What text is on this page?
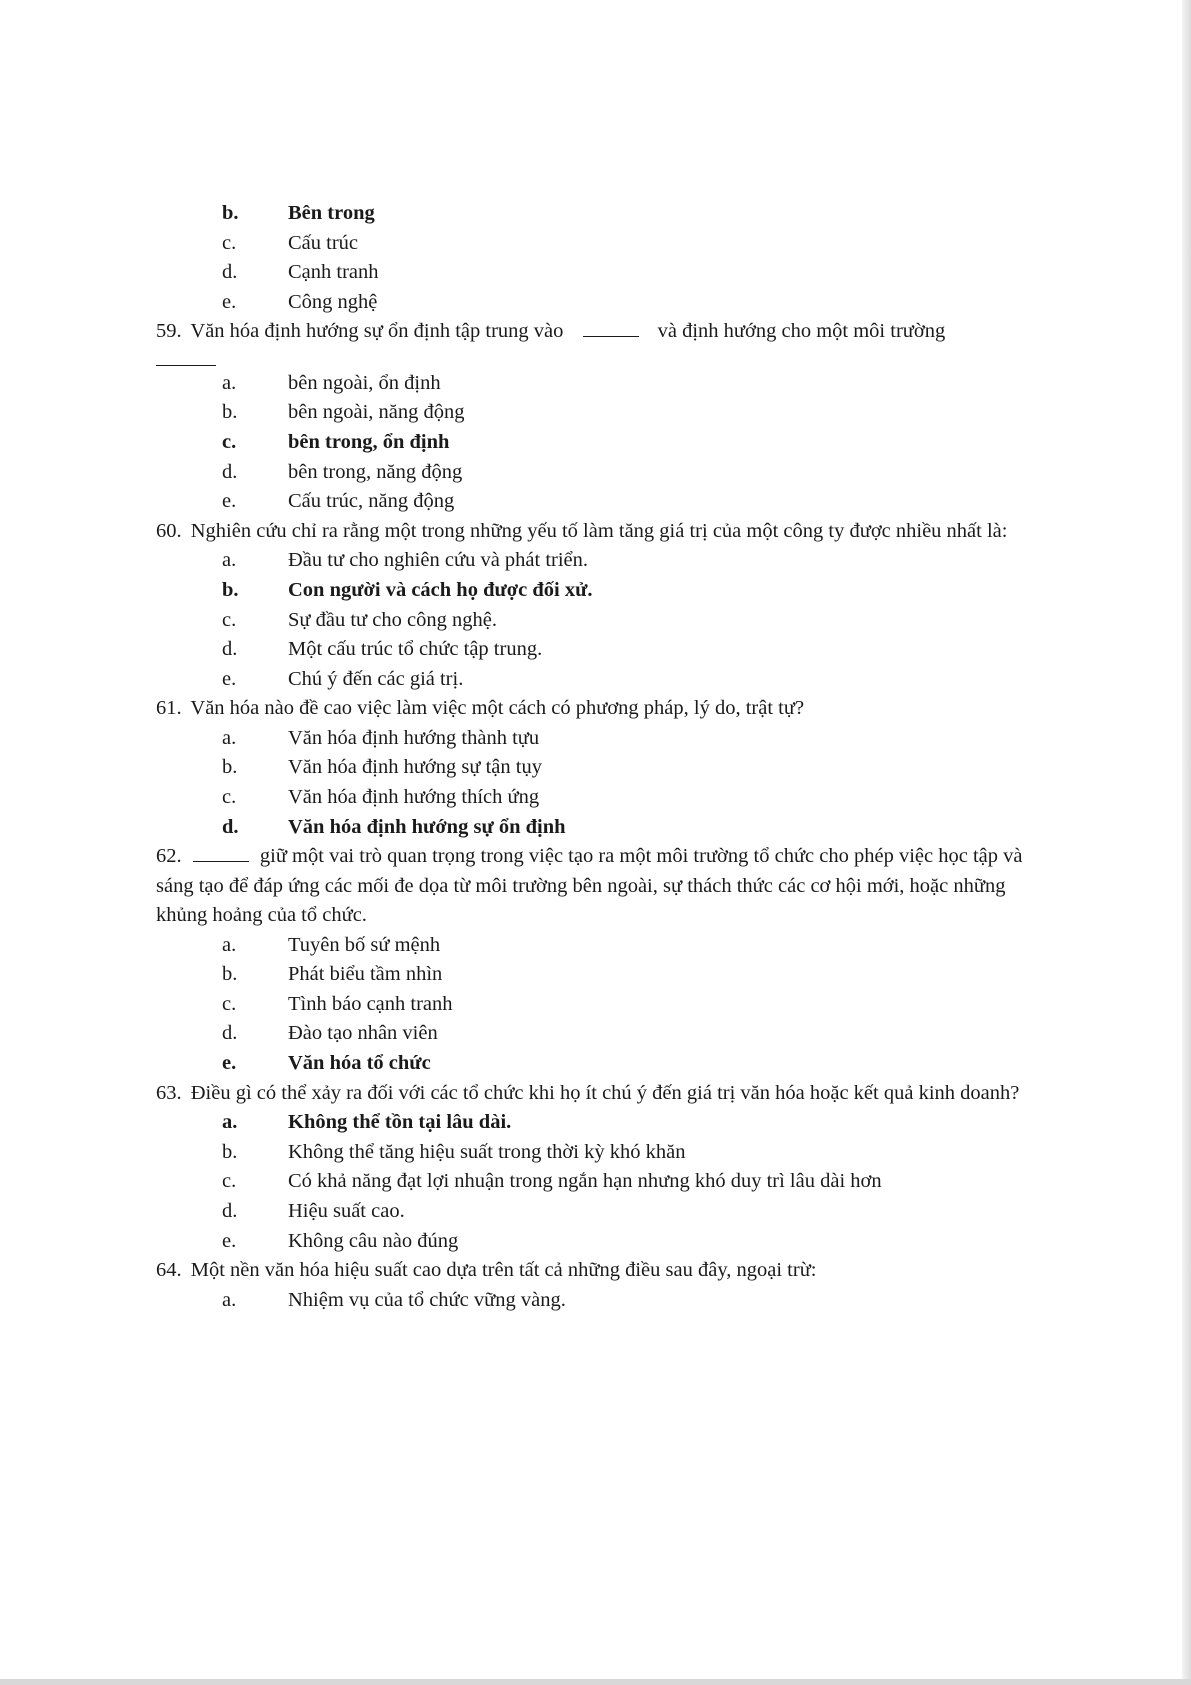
b.	Bên trong
c.	Cấu trúc
d.	Cạnh tranh
e.	Công nghệ

59. Văn hóa định hướng sự ổn định tập trung vào	và định hướng cho một môi trường

a.	bên ngoài, ổn định
b.	bên ngoài, năng động
c.	bên trong, ổn định
d.	bên trong, năng động
e.	Cấu trúc, năng động

60. Nghiên cứu chỉ ra rằng một trong những yếu tố làm tăng giá trị của một công ty được nhiều nhất là:

a.	Đầu tư cho nghiên cứu và phát triển.
b.	Con người và cách họ được đối xử.
c.	Sự đầu tư cho công nghệ.
d.	Một cấu trúc tổ chức tập trung.
e.	Chú ý đến các giá trị.

61. Văn hóa nào đề cao việc làm việc một cách có phương pháp, lý do, trật tự?

a.	Văn hóa định hướng thành tựu
b.	Văn hóa định hướng sự tận tụy
c.	Văn hóa định hướng thích ứng
d.	Văn hóa định hướng sự ổn định

62.	giữ một vai trò quan trọng trong việc tạo ra một môi trường tổ chức cho phép việc học tập và sáng tạo để đáp ứng các mối đe dọa từ môi trường bên ngoài, sự thách thức các cơ hội mới, hoặc những khủng hoảng của tổ chức.

a.	Tuyên bố sứ mệnh
b.	Phát biểu tầm nhìn
c.	Tình báo cạnh tranh
d.	Đào tạo nhân viên
e.	Văn hóa tổ chức

63. Điều gì có thể xảy ra đối với các tổ chức khi họ ít chú ý đến giá trị văn hóa hoặc kết quả kinh doanh?

a.	Không thể tồn tại lâu dài.
b.	Không thể tăng hiệu suất trong thời kỳ khó khăn
c.	Có khả năng đạt lợi nhuận trong ngắn hạn nhưng khó duy trì lâu dài hơn
d.	Hiệu suất cao.
e.	Không câu nào đúng

64. Một nền văn hóa hiệu suất cao dựa trên tất cả những điều sau đây, ngoại trừ:

a.	Nhiệm vụ của tổ chức vững vàng.
